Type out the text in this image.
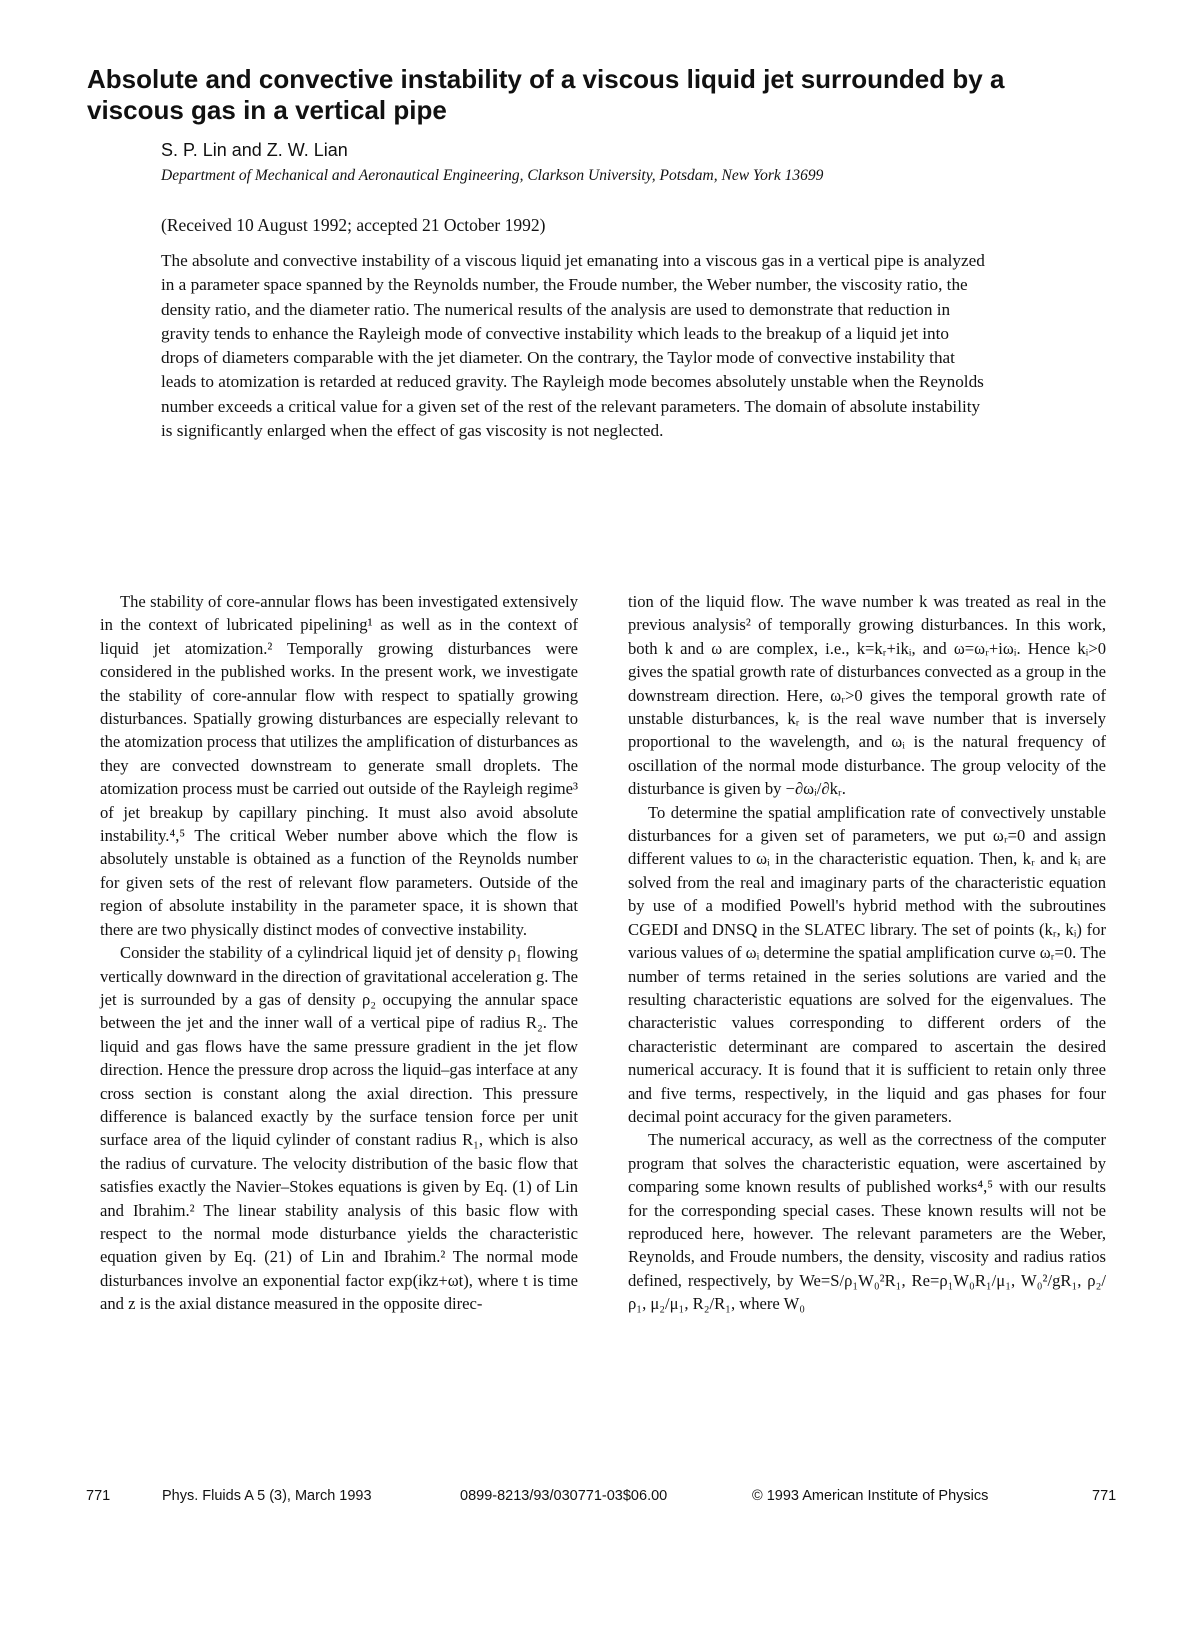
Absolute and convective instability of a viscous liquid jet surrounded by a viscous gas in a vertical pipe
S. P. Lin and Z. W. Lian
Department of Mechanical and Aeronautical Engineering, Clarkson University, Potsdam, New York 13699
(Received 10 August 1992; accepted 21 October 1992)

The absolute and convective instability of a viscous liquid jet emanating into a viscous gas in a vertical pipe is analyzed in a parameter space spanned by the Reynolds number, the Froude number, the Weber number, the viscosity ratio, the density ratio, and the diameter ratio. The numerical results of the analysis are used to demonstrate that reduction in gravity tends to enhance the Rayleigh mode of convective instability which leads to the breakup of a liquid jet into drops of diameters comparable with the jet diameter. On the contrary, the Taylor mode of convective instability that leads to atomization is retarded at reduced gravity. The Rayleigh mode becomes absolutely unstable when the Reynolds number exceeds a critical value for a given set of the rest of the relevant parameters. The domain of absolute instability is significantly enlarged when the effect of gas viscosity is not neglected.

The stability of core-annular flows has been investigated extensively in the context of lubricated pipelining¹ as well as in the context of liquid jet atomization.² Temporally growing disturbances were considered in the published works. In the present work, we investigate the stability of core-annular flow with respect to spatially growing disturbances. Spatially growing disturbances are especially relevant to the atomization process that utilizes the amplification of disturbances as they are convected downstream to generate small droplets. The atomization process must be carried out outside of the Rayleigh regime³ of jet breakup by capillary pinching. It must also avoid absolute instability.⁴,⁵ The critical Weber number above which the flow is absolutely unstable is obtained as a function of the Reynolds number for given sets of the rest of relevant flow parameters. Outside of the region of absolute instability in the parameter space, it is shown that there are two physically distinct modes of convective instability.

Consider the stability of a cylindrical liquid jet of density ρ₁ flowing vertically downward in the direction of gravitational acceleration g. The jet is surrounded by a gas of density ρ₂ occupying the annular space between the jet and the inner wall of a vertical pipe of radius R₂. The liquid and gas flows have the same pressure gradient in the jet flow direction. Hence the pressure drop across the liquid–gas interface at any cross section is constant along the axial direction. This pressure difference is balanced exactly by the surface tension force per unit surface area of the liquid cylinder of constant radius R₁, which is also the radius of curvature. The velocity distribution of the basic flow that satisfies exactly the Navier–Stokes equations is given by Eq. (1) of Lin and Ibrahim.² The linear stability analysis of this basic flow with respect to the normal mode disturbance yields the characteristic equation given by Eq. (21) of Lin and Ibrahim.² The normal mode disturbances involve an exponential factor exp(ikz+ωt), where t is time and z is the axial distance measured in the opposite direc-

tion of the liquid flow. The wave number k was treated as real in the previous analysis² of temporally growing disturbances. In this work, both k and ω are complex, i.e., k=kᵣ+ikᵢ, and ω=ωᵣ+iωᵢ. Hence kᵢ>0 gives the spatial growth rate of disturbances convected as a group in the downstream direction. Here, ωᵣ>0 gives the temporal growth rate of unstable disturbances, kᵣ is the real wave number that is inversely proportional to the wavelength, and ωᵢ is the natural frequency of oscillation of the normal mode disturbance. The group velocity of the disturbance is given by −∂ωᵢ/∂kᵣ.

To determine the spatial amplification rate of convectively unstable disturbances for a given set of parameters, we put ωᵣ=0 and assign different values to ωᵢ in the characteristic equation. Then, kᵣ and kᵢ are solved from the real and imaginary parts of the characteristic equation by use of a modified Powell's hybrid method with the subroutines CGEDI and DNSQ in the SLATEC library. The set of points (kᵣ, kᵢ) for various values of ωᵢ determine the spatial amplification curve ωᵣ=0. The number of terms retained in the series solutions are varied and the resulting characteristic equations are solved for the eigenvalues. The characteristic values corresponding to different orders of the characteristic determinant are compared to ascertain the desired numerical accuracy. It is found that it is sufficient to retain only three and five terms, respectively, in the liquid and gas phases for four decimal point accuracy for the given parameters.

The numerical accuracy, as well as the correctness of the computer program that solves the characteristic equation, were ascertained by comparing some known results of published works⁴,⁵ with our results for the corresponding special cases. These known results will not be reproduced here, however. The relevant parameters are the Weber, Reynolds, and Froude numbers, the density, viscosity and radius ratios defined, respectively, by We=S/ρ₁W₀²R₁, Re=ρ₁W₀R₁/μ₁, W₀²/gR₁, ρ₂/ρ₁, μ₂/μ₁, R₂/R₁, where W₀

771	Phys. Fluids A 5 (3), March 1993	0899-8213/93/030771-03$06.00	© 1993 American Institute of Physics	771
